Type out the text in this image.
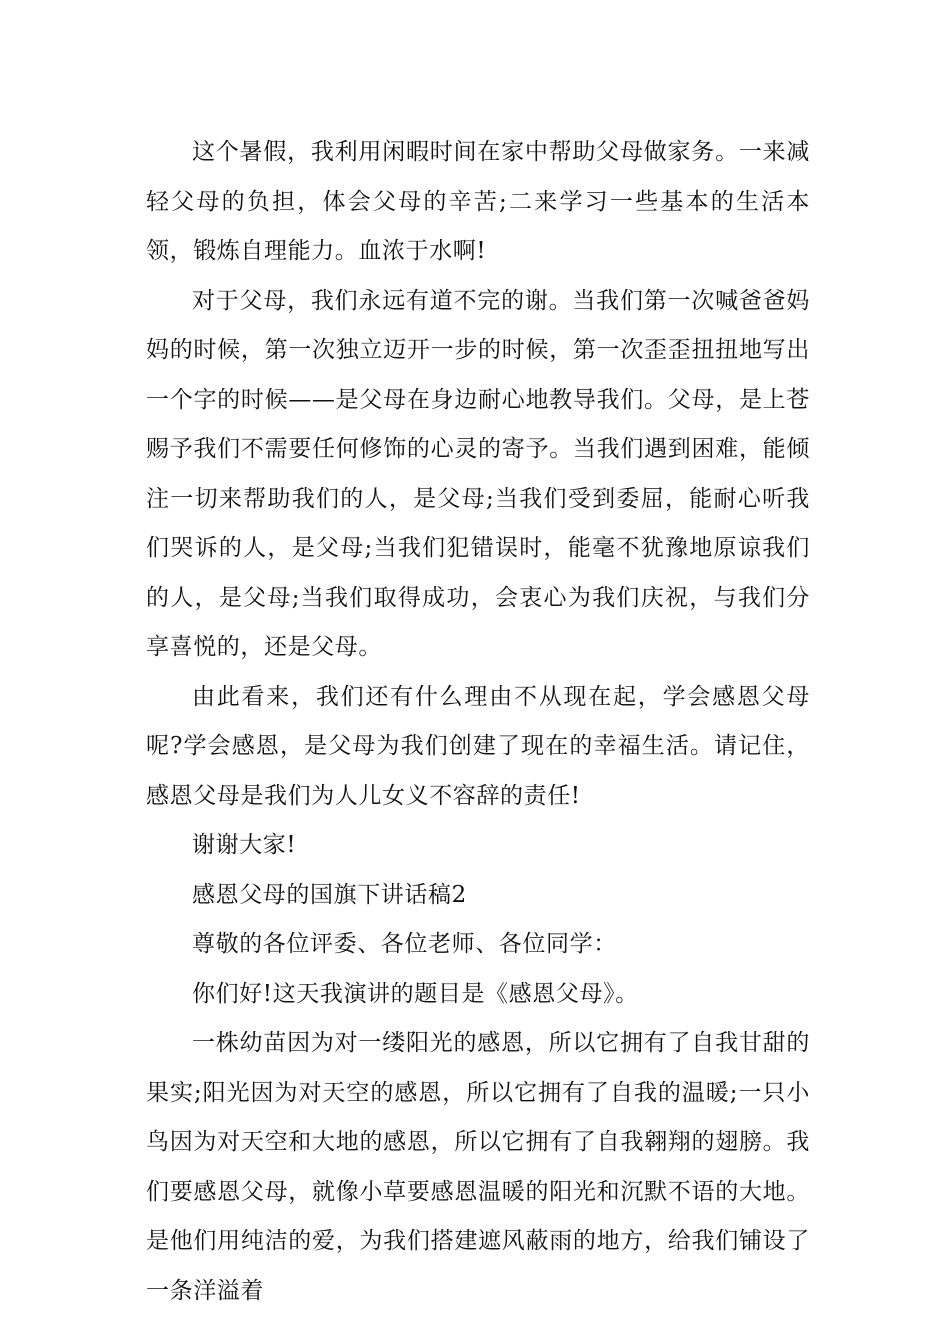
这个暑假，我利用闲暇时间在家中帮助父母做家务。一来减轻父母的负担，体会父母的辛苦;二来学习一些基本的生活本领，锻炼自理能力。血浓于水啊!

对于父母，我们永远有道不完的谢。当我们第一次喊爸爸妈妈的时候，第一次独立迈开一步的时候，第一次歪歪扭扭地写出一个字的时候——是父母在身边耐心地教导我们。父母，是上苍赐予我们不需要任何修饰的心灵的寄予。当我们遇到困难，能倾注一切来帮助我们的人，是父母;当我们受到委屈，能耐心听我们哭诉的人，是父母;当我们犯错误时，能毫不犹豫地原谅我们的人，是父母;当我们取得成功，会衷心为我们庆祝，与我们分享喜悦的，还是父母。

由此看来，我们还有什么理由不从现在起，学会感恩父母呢?学会感恩，是父母为我们创建了现在的幸福生活。请记住，感恩父母是我们为人儿女义不容辞的责任!

谢谢大家!

感恩父母的国旗下讲话稿2

尊敬的各位评委、各位老师、各位同学：

你们好!这天我演讲的题目是《感恩父母》。

一株幼苗因为对一缕阳光的感恩，所以它拥有了自我甘甜的果实;阳光因为对天空的感恩，所以它拥有了自我的温暖;一只小鸟因为对天空和大地的感恩，所以它拥有了自我翱翔的翅膀。我们要感恩父母，就像小草要感恩温暖的阳光和沉默不语的大地。是他们用纯洁的爱，为我们搭建遮风蔽雨的地方，给我们铺设了一条洋溢着
